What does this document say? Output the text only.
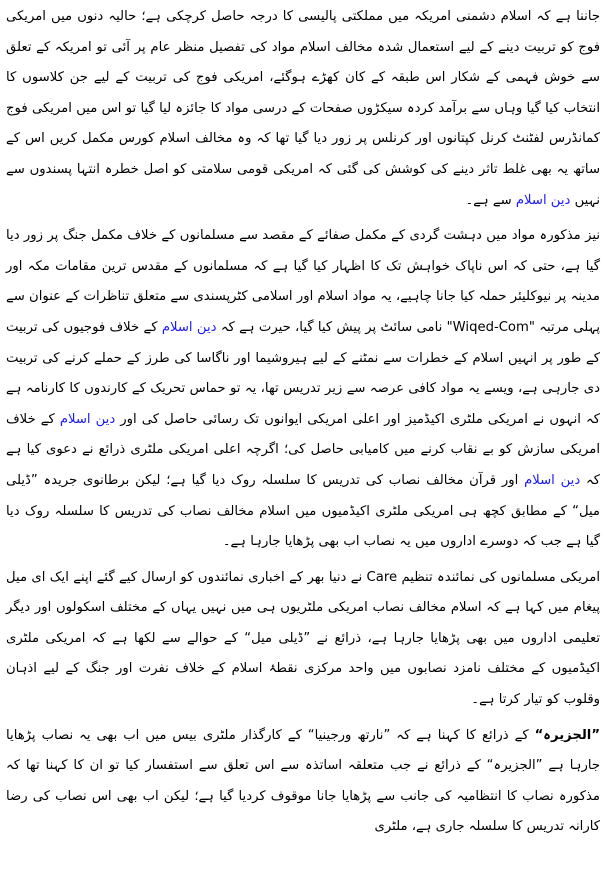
جاننا ہے کہ اسلام دشمنی امریکہ میں مملکتی پالیسی کا درجہ حاصل کرچکی ہے؛ حالیہ دنوں میں امریکی فوج کو تربیت دینے کے لیے استعمال شدہ مخالف اسلام مواد کی تفصیل منظر عام پر آئی تو امریکہ کے تعلق سے خوش فہمی کے شکار اس طبقہ کے کان کھڑے ہوگئے، امریکی فوج کی تربیت کے لیے جن کلاسوں کا انتخاب کیا گیا وہاں سے برآمد کردہ سیکڑوں صفحات کے درسی مواد کا جائزہ لیا گیا تو اس میں امریکی فوج کمانڈرس لفٹنٹ کرنل کپتانوں اور کرنلس پر زور دیا گیا تھا کہ وہ مخالف اسلام کورس مکمل کریں اس کے ساتھ یہ بھی غلط تاثر دینے کی کوشش کی گئی کہ امریکی قومی سلامتی کو اصل خطرہ انتہا پسندوں سے نہیں دین اسلام سے ہے۔

نیز مذکورہ مواد میں دہشت گردی کے مکمل صفائے کے مقصد سے مسلمانوں کے خلاف مکمل جنگ پر زور دیا گیا ہے، حتی کہ اس ناپاک خواہش تک کا اظہار کیا گیا ہے کہ مسلمانوں کے مقدس ترین مقامات مکہ اور مدینہ پر نیوکلیئر حملہ کیا جانا چاہیے، یہ مواد اسلام اور اسلامی کٹرپسندی سے متعلق تناظرات کے عنوان سے پہلی مرتبہ "Wiqed-Com" نامی سائٹ پر پیش کیا گیا، حیرت ہے کہ دین اسلام کے خلاف فوجیوں کی تربیت کے طور پر انہیں اسلام کے خطرات سے نمٹنے کے لیے ہیروشیما اور ناگاسا کی طرز کے حملے کرنے کی تربیت دی جارہی ہے، ویسے یہ مواد کافی عرصہ سے زیر تدریس تھا، یہ تو حماس تحریک کے کارندوں کا کارنامہ ہے کہ انہوں نے امریکی ملٹری اکیڈمیز اور اعلی امریکی ایوانوں تک رسائی حاصل کی اور دین اسلام کے خلاف امریکی سازش کو بے نقاب کرنے میں کامیابی حاصل کی؛ اگرچہ اعلی امریکی ملٹری ذرائع نے دعوی کیا ہے کہ دین اسلام اور قرآن مخالف نصاب کی تدریس کا سلسلہ روک دیا گیا ہے؛ لیکن برطانوی جریدہ ”ڈیلی میل“ کے مطابق کچھ ہی امریکی ملٹری اکیڈمیوں میں اسلام مخالف نصاب کی تدریس کا سلسلہ روک دیا گیا ہے جب کہ دوسرے اداروں میں یہ نصاب اب بھی پڑھایا جارہا ہے۔

امریکی مسلمانوں کی نمائندہ تنظیم Care نے دنیا بھر کے اخباری نمائندوں کو ارسال کیے گئے اپنے ایک ای میل پیغام میں کہا ہے کہ اسلام مخالف نصاب امریکی ملٹریوں ہی میں نہیں یہاں کے مختلف اسکولوں اور دیگر تعلیمی اداروں میں بھی پڑھایا جارہا ہے، ذرائع نے ”ڈیلی میل“ کے حوالے سے لکھا ہے کہ امریکی ملٹری اکیڈمیوں کے مختلف نامزد نصابوں میں واحد مرکزی نقطۂ اسلام کے خلاف نفرت اور جنگ کے لیے اذہان وقلوب کو تیار کرتا ہے۔

”الجزیرہ“ کے ذرائع کا کہنا ہے کہ ”نارتھ ورجینیا“ کے کارگذار ملٹری بیس میں اب بھی یہ نصاب پڑھایا جارہا ہے ”الجزیرہ“ کے ذرائع نے جب متعلقہ اساتذہ سے اس تعلق سے استفسار کیا تو ان کا کہنا تھا کہ مذکورہ نصاب کا انتظامیہ کی جانب سے پڑھایا جانا موقوف کردیا گیا ہے؛ لیکن اب بھی اس نصاب کی رضا کارانہ تدریس کا سلسلہ جاری ہے، ملٹری
